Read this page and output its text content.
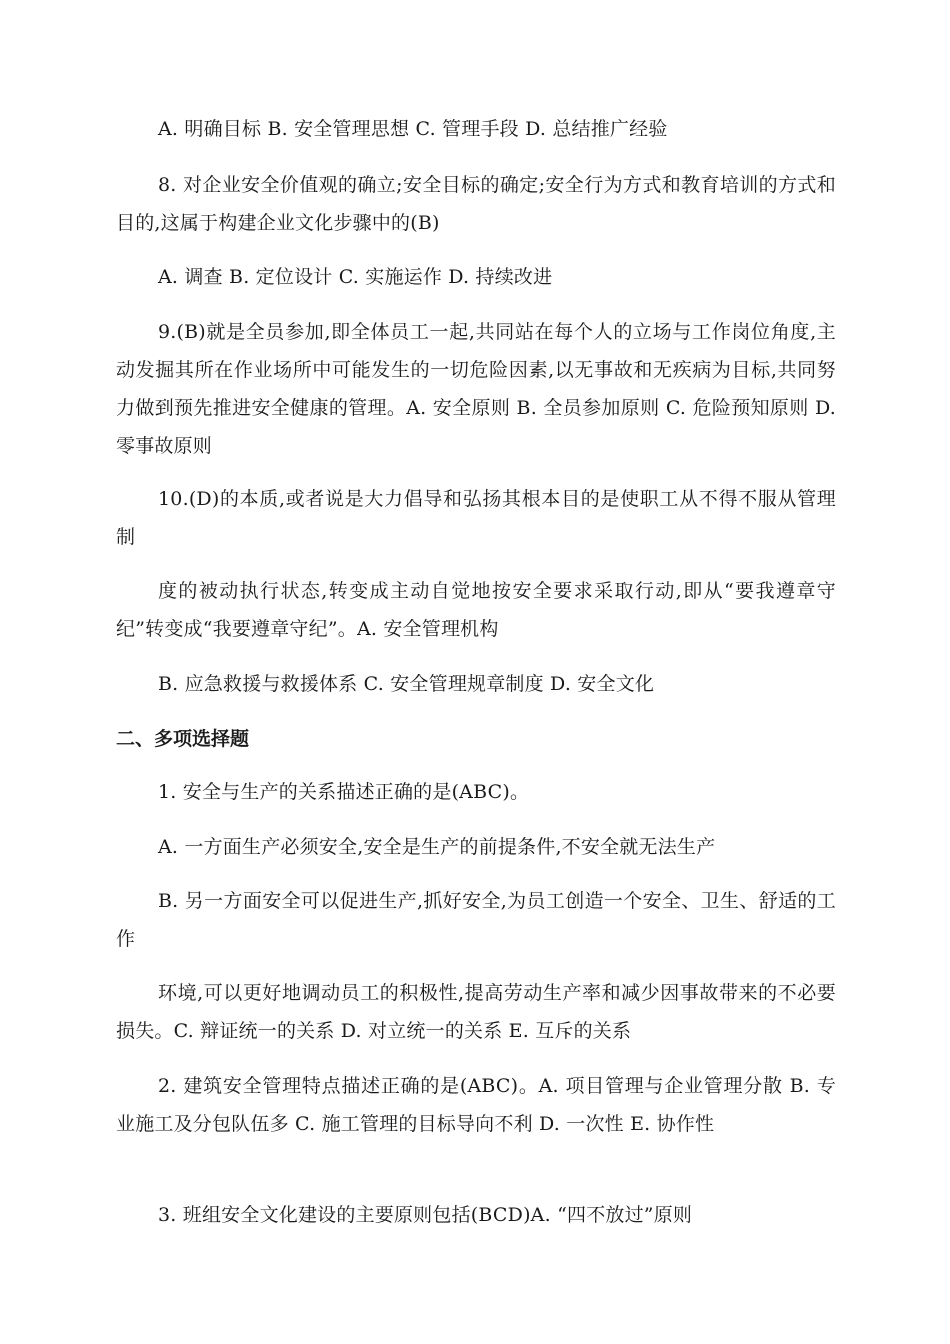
A. 明确目标 B. 安全管理思想 C. 管理手段 D. 总结推广经验

8. 对企业安全价值观的确立;安全目标的确定;安全行为方式和教育培训的方式和目的,这属于构建企业文化步骤中的(B)

A. 调查 B. 定位设计 C. 实施运作 D. 持续改进

9.(B)就是全员参加,即全体员工一起,共同站在每个人的立场与工作岗位角度,主动发掘其所在作业场所中可能发生的一切危险因素,以无事故和无疾病为目标,共同努力做到预先推进安全健康的管理。A. 安全原则 B. 全员参加原则 C. 危险预知原则 D. 零事故原则

10.(D)的本质,或者说是大力倡导和弘扬其根本目的是使职工从不得不服从管理制

度的被动执行状态,转变成主动自觉地按安全要求采取行动,即从“要我遵章守纪”转变成“我要遵章守纪”。A. 安全管理机构

B. 应急救援与救援体系 C. 安全管理规章制度 D. 安全文化

二、多项选择题

1. 安全与生产的关系描述正确的是(ABC)。

A. 一方面生产必须安全,安全是生产的前提条件,不安全就无法生产

B. 另一方面安全可以促进生产,抓好安全,为员工创造一个安全、卫生、舒适的工作

环境,可以更好地调动员工的积极性,提高劳动生产率和减少因事故带来的不必要损失。C. 辩证统一的关系 D. 对立统一的关系 E. 互斥的关系

2. 建筑安全管理特点描述正确的是(ABC)。A. 项目管理与企业管理分散 B. 专业施工及分包队伍多 C. 施工管理的目标导向不利 D. 一次性 E. 协作性

3. 班组安全文化建设的主要原则包括(BCD)A. “四不放过”原则
